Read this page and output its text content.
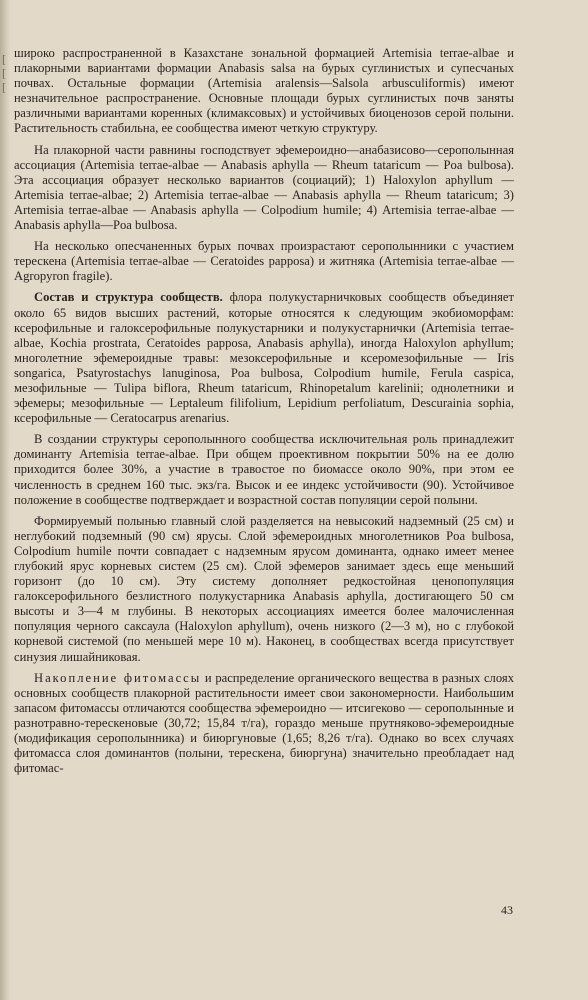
[
[
[

широко распространенной в Казахстане зональной формацией Artemisia terrae-albae и плакорными вариантами формации Anabasis salsa на бурых суглинистых и супесчаных почвах. Остальные формации (Artemisia aralensis—Salsola arbusculiformis) имеют незначительное распространение. Основные площади бурых суглинистых почв заняты различными вариантами коренных (климаксовых) и устойчивых биоценозов серой полыни. Растительность стабильна, ее сообщества имеют четкую структуру.

На плакорной части равнины господствует эфемероидно—анабазисово—серополынная ассоциация (Artemisia terrae-albae — Anabasis aphylla — Rheum tataricum — Poa bulbosa). Эта ассоциация образует несколько вариантов (социаций); 1) Haloxylon aphyllum — Artemisia terrae-albae; 2) Artemisia terrae-albae — Anabasis aphylla — Rheum tataricum; 3) Artemisia terrae-albae — Anabasis aphylla — Colpodium humile; 4) Artemisia terrae-albae — Anabasis aphylla—Poa bulbosa.

На несколько опесчаненных бурых почвах произрастают серополынники с участием терескена (Artemisia terrae-albae — Ceratoides papposa) и житняка (Artemisia terrae-albae — Agropyron fragile).

Состав и структура сообществ. флора полукустарничковых сообществ объединяет около 65 видов высших растений, которые относятся к следующим экобиоморфам: ксерофильные и галоксерофильные полукустарники и полукустарнички (Artemisia terrae-albae, Kochia prostrata, Ceratoides papposa, Anabasis aphylla), иногда Haloxylon aphyllum; многолетние эфемероидные травы: мезоксерофильные и ксеромезофильные — Iris songarica, Psatyrostachys lanuginosa, Poa bulbosa, Colpodium humile, Ferula caspica, мезофильные — Tulipa biflora, Rheum tataricum, Rhinopetalum karelinii; однолетники и эфемеры; мезофильные — Leptaleum filifolium, Lepidium perfoliatum, Descurainia sophia, ксерофильные — Ceratocarpus arenarius.

В создании структуры серополынного сообщества исключительная роль принадлежит доминанту Artemisia terrae-albae. При общем проективном покрытии 50% на ее долю приходится более 30%, а участие в травостое по биомассе около 90%, при этом ее численность в среднем 160 тыс. экз/га. Высок и ее индекс устойчивости (90). Устойчивое положение в сообществе подтверждает и возрастной состав популяции серой полыни.

Формируемый полынью главный слой разделяется на невысокий надземный (25 см) и неглубокий подземный (90 см) ярусы. Слой эфемероидных многолетников Poa bulbosa, Colpodium humile почти совпадает с надземным ярусом доминанта, однако имеет менее глубокий ярус корневых систем (25 см). Слой эфемеров занимает здесь еще меньший горизонт (до 10 см). Эту систему дополняет редкостойная ценопопуляция галоксерофильного безлистного полукустарника Anabasis aphylla, достигающего 50 см высоты и 3—4 м глубины. В некоторых ассоциациях имеется более малочисленная популяция черного саксаула (Haloxylon aphyllum), очень низкого (2—3 м), но с глубокой корневой системой (по меньшей мере 10 м). Наконец, в сообществах всегда присутствует синузия лишайниковая.

Накопление фитомассы и распределение органического вещества в разных слоях основных сообществ плакорной растительности имеет свои закономерности. Наибольшим запасом фитомассы отличаются сообщества эфемероидно — итсигеково — серополынные и разнотравно-терескеновые (30,72; 15,84 т/га), гораздо меньше прутняково-эфемероидные (модификация серополынника) и биюргуновые (1,65; 8,26 т/га). Однако во всех случаях фитомасса слоя доминантов (полыни, терескена, биюргуна) значительно преобладает над фитомас-

43
